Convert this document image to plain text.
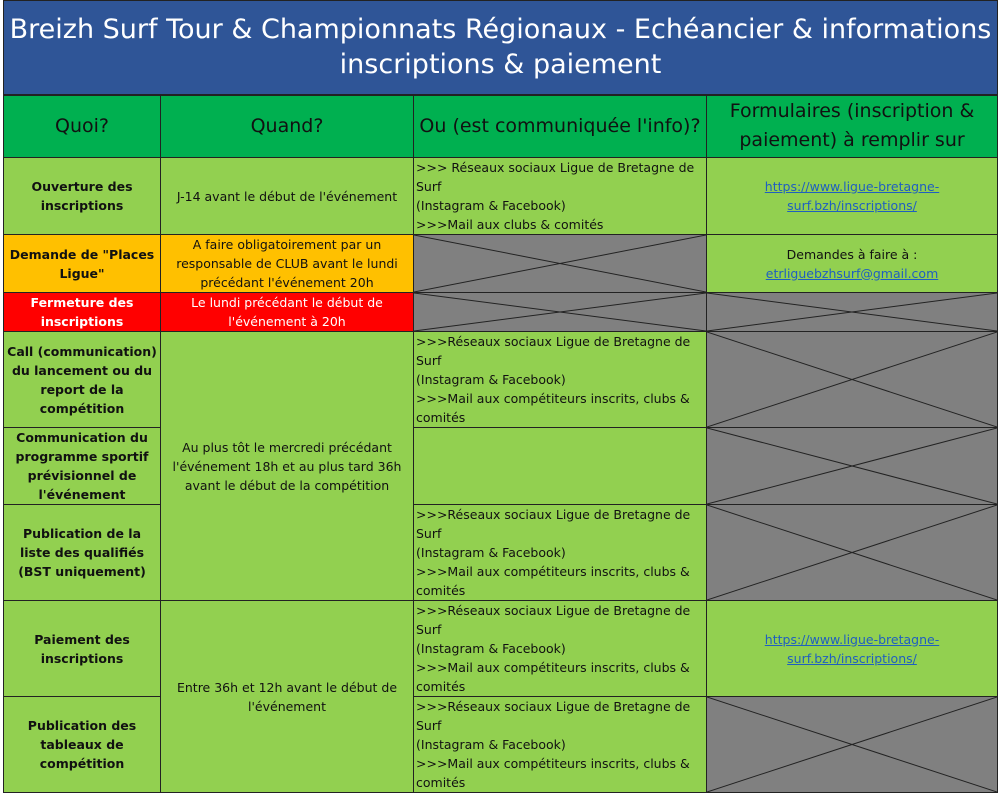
Breizh Surf Tour & Championnats Régionaux - Echéancier & informations
inscriptions & paiement			

Quoi?	Quand?	Ou (est communiquée l'info)?	Formulaires (inscription &
paiement) à remplir sur

Ouverture des inscriptions	J-14 avant le début de l'événement	>>> Réseaux sociaux Ligue de Bretagne de Surf
(Instagram & Facebook)
>>>Mail aux clubs & comités	https://www.ligue-bretagne-surf.bzh/inscriptions/
Demande de "Places Ligue"	A faire obligatoirement par un responsable de CLUB avant le lundi précédant l'événement 20h		Demandes à faire à :
etrliguebzhsurf@gmail.com
Fermeture des inscriptions	Le lundi précédant le début de l'événement à 20h	

Call (communication) du lancement ou du report de la compétition	Au plus tôt le mercredi précédant l'événement 18h et au plus tard 36h avant le début de la compétition	>>>Réseaux sociaux Ligue de Bretagne de Surf
(Instagram & Facebook)
>>>Mail aux compétiteurs inscrits, clubs & comités

Communication du programme sportif prévisionnel de l'événement		

Publication de la liste des qualifiés (BST uniquement)		>>>Réseaux sociaux Ligue de Bretagne de Surf
(Instagram & Facebook)
>>>Mail aux compétiteurs inscrits, clubs & comités

Paiement des inscriptions	Entre 36h et 12h avant le début de l'événement	>>>Réseaux sociaux Ligue de Bretagne de Surf
(Instagram & Facebook)
>>>Mail aux compétiteurs inscrits, clubs & comités	https://www.ligue-bretagne-surf.bzh/inscriptions/
Publication des tableaux de compétition		>>>Réseaux sociaux Ligue de Bretagne de Surf
(Instagram & Facebook)
>>>Mail aux compétiteurs inscrits, clubs & comités
